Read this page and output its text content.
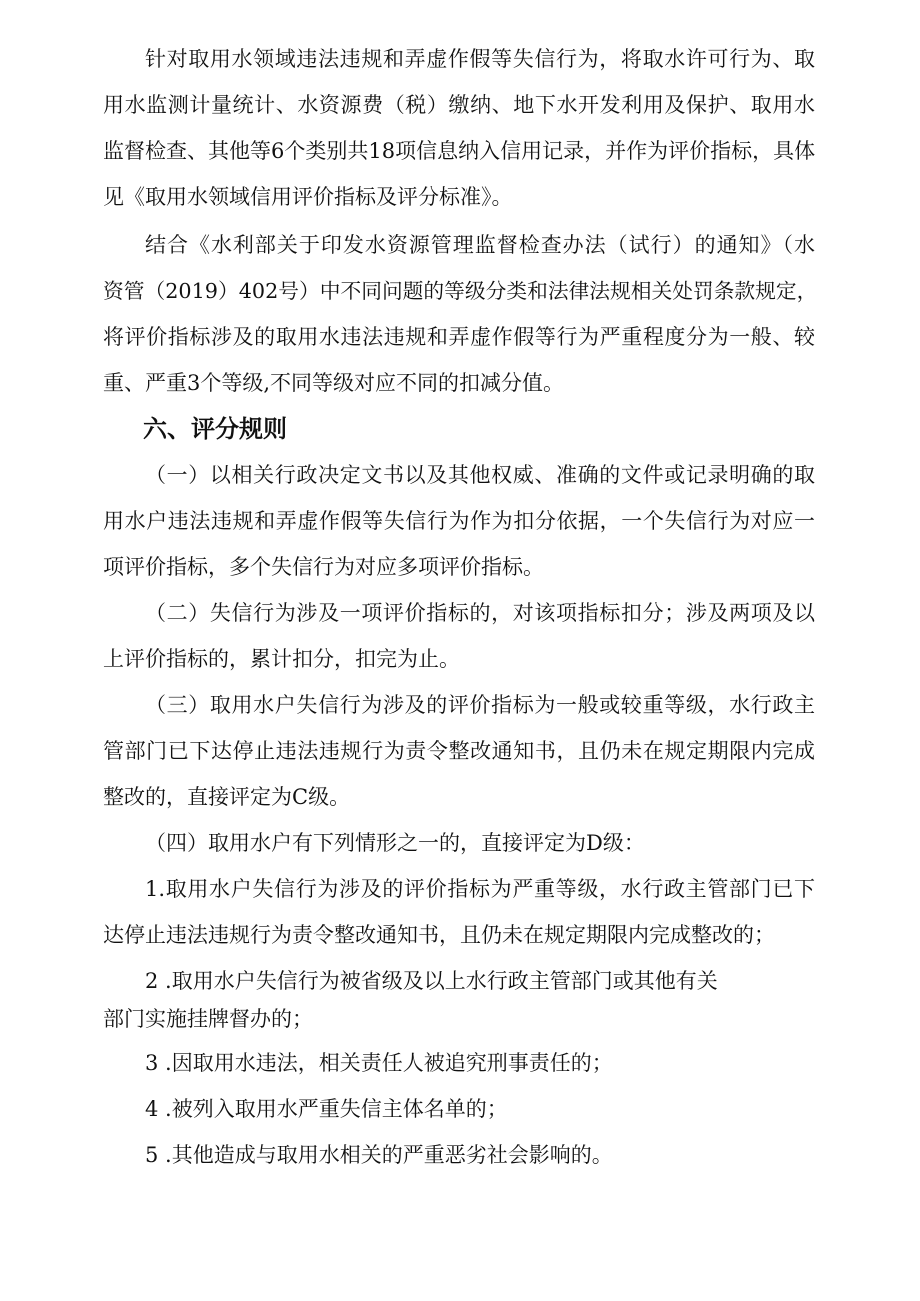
针对取用水领域违法违规和弄虚作假等失信行为，将取水许可行为、取

用水监测计量统计、水资源费（税）缴纳、地下水开发利用及保护、取用水

监督检查、其他等6个类别共18项信息纳入信用记录，并作为评价指标，具体

见《取用水领域信用评价指标及评分标准》。

结合《水利部关于印发水资源管理监督检查办法（试行）的通知》（水

资管（2019）402号）中不同问题的等级分类和法律法规相关处罚条款规定，

将评价指标涉及的取用水违法违规和弄虚作假等行为严重程度分为一般、较

重、严重3个等级,不同等级对应不同的扣减分值。

六、评分规则

（一）以相关行政决定文书以及其他权威、准确的文件或记录明确的取

用水户违法违规和弄虚作假等失信行为作为扣分依据，一个失信行为对应一

项评价指标，多个失信行为对应多项评价指标。

（二）失信行为涉及一项评价指标的，对该项指标扣分；涉及两项及以

上评价指标的，累计扣分，扣完为止。

（三）取用水户失信行为涉及的评价指标为一般或较重等级，水行政主

管部门已下达停止违法违规行为责令整改通知书，且仍未在规定期限内完成

整改的，直接评定为C级。

（四）取用水户有下列情形之一的，直接评定为D级：

1.取用水户失信行为涉及的评价指标为严重等级，水行政主管部门已下

达停止违法违规行为责令整改通知书，且仍未在规定期限内完成整改的；

2 .取用水户失信行为被省级及以上水行政主管部门或其他有关

部门实施挂牌督办的；

3 .因取用水违法，相关责任人被追究刑事责任的；

4 .被列入取用水严重失信主体名单的；

5 .其他造成与取用水相关的严重恶劣社会影响的。
